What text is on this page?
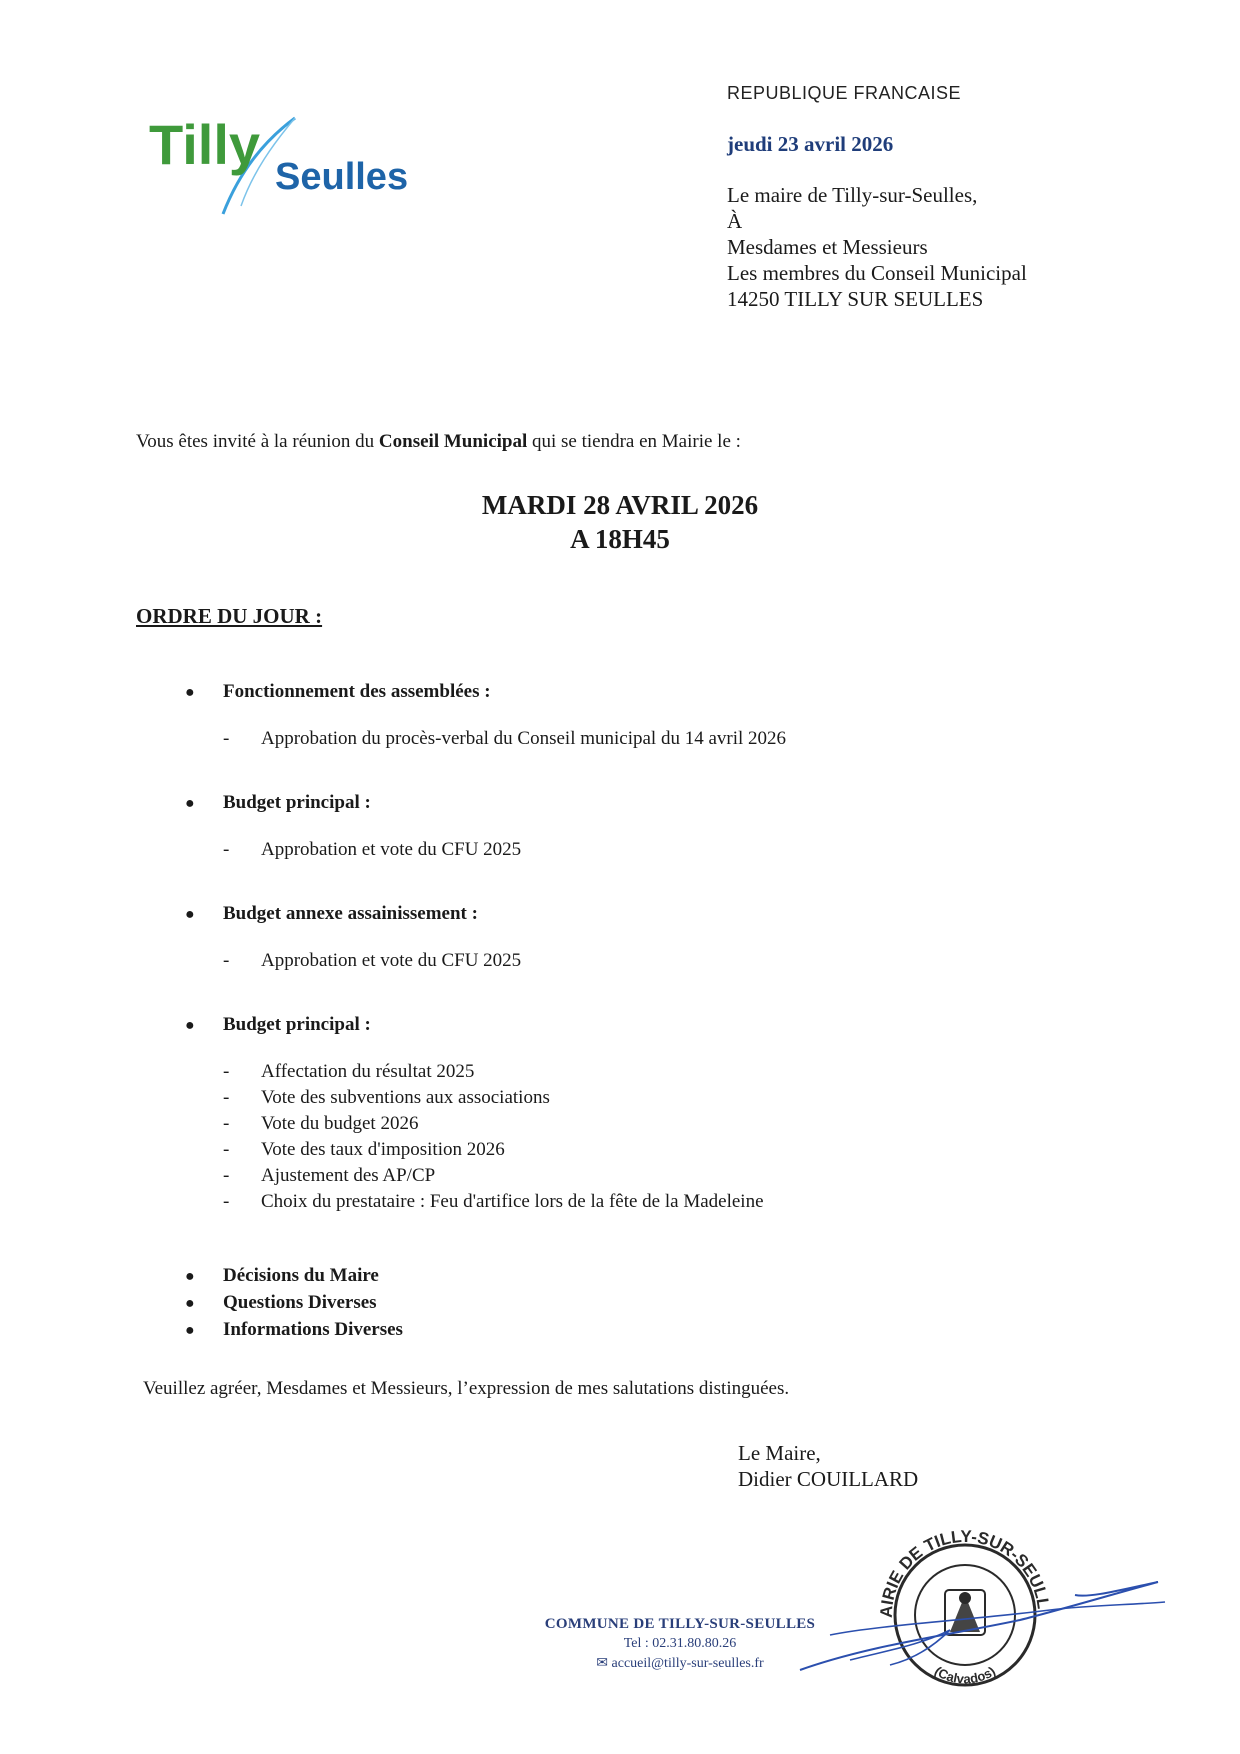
Tilly
Seulles
REPUBLIQUE FRANCAISE
jeudi 23 avril 2026
Le maire de Tilly-sur-Seulles,
À
Mesdames et Messieurs
Les membres du Conseil Municipal
14250 TILLY SUR SEULLES
Vous êtes invité à la réunion du Conseil Municipal qui se tiendra en Mairie le :
MARDI 28 AVRIL 2026
A 18H45
ORDRE DU JOUR :
● Fonctionnement des assemblées :
- Approbation du procès-verbal du Conseil municipal du 14 avril 2026
● Budget principal :
- Approbation et vote du CFU 2025
● Budget annexe assainissement :
- Approbation et vote du CFU 2025
● Budget principal :
- Affectation du résultat 2025
- Vote des subventions aux associations
- Vote du budget 2026
- Vote des taux d'imposition 2026
- Ajustement des AP/CP
- Choix du prestataire : Feu d'artifice lors de la fête de la Madeleine
● Décisions du Maire
● Questions Diverses
● Informations Diverses
Veuillez agréer, Mesdames et Messieurs, l’expression de mes salutations distinguées.
Le Maire,
Didier COUILLARD
COMMUNE DE TILLY-SUR-SEULLES
Tel : 02.31.80.80.26
✉ accueil@tilly-sur-seulles.fr
AIRIE DE TILLY-SUR-SEULL
(Calvados)
